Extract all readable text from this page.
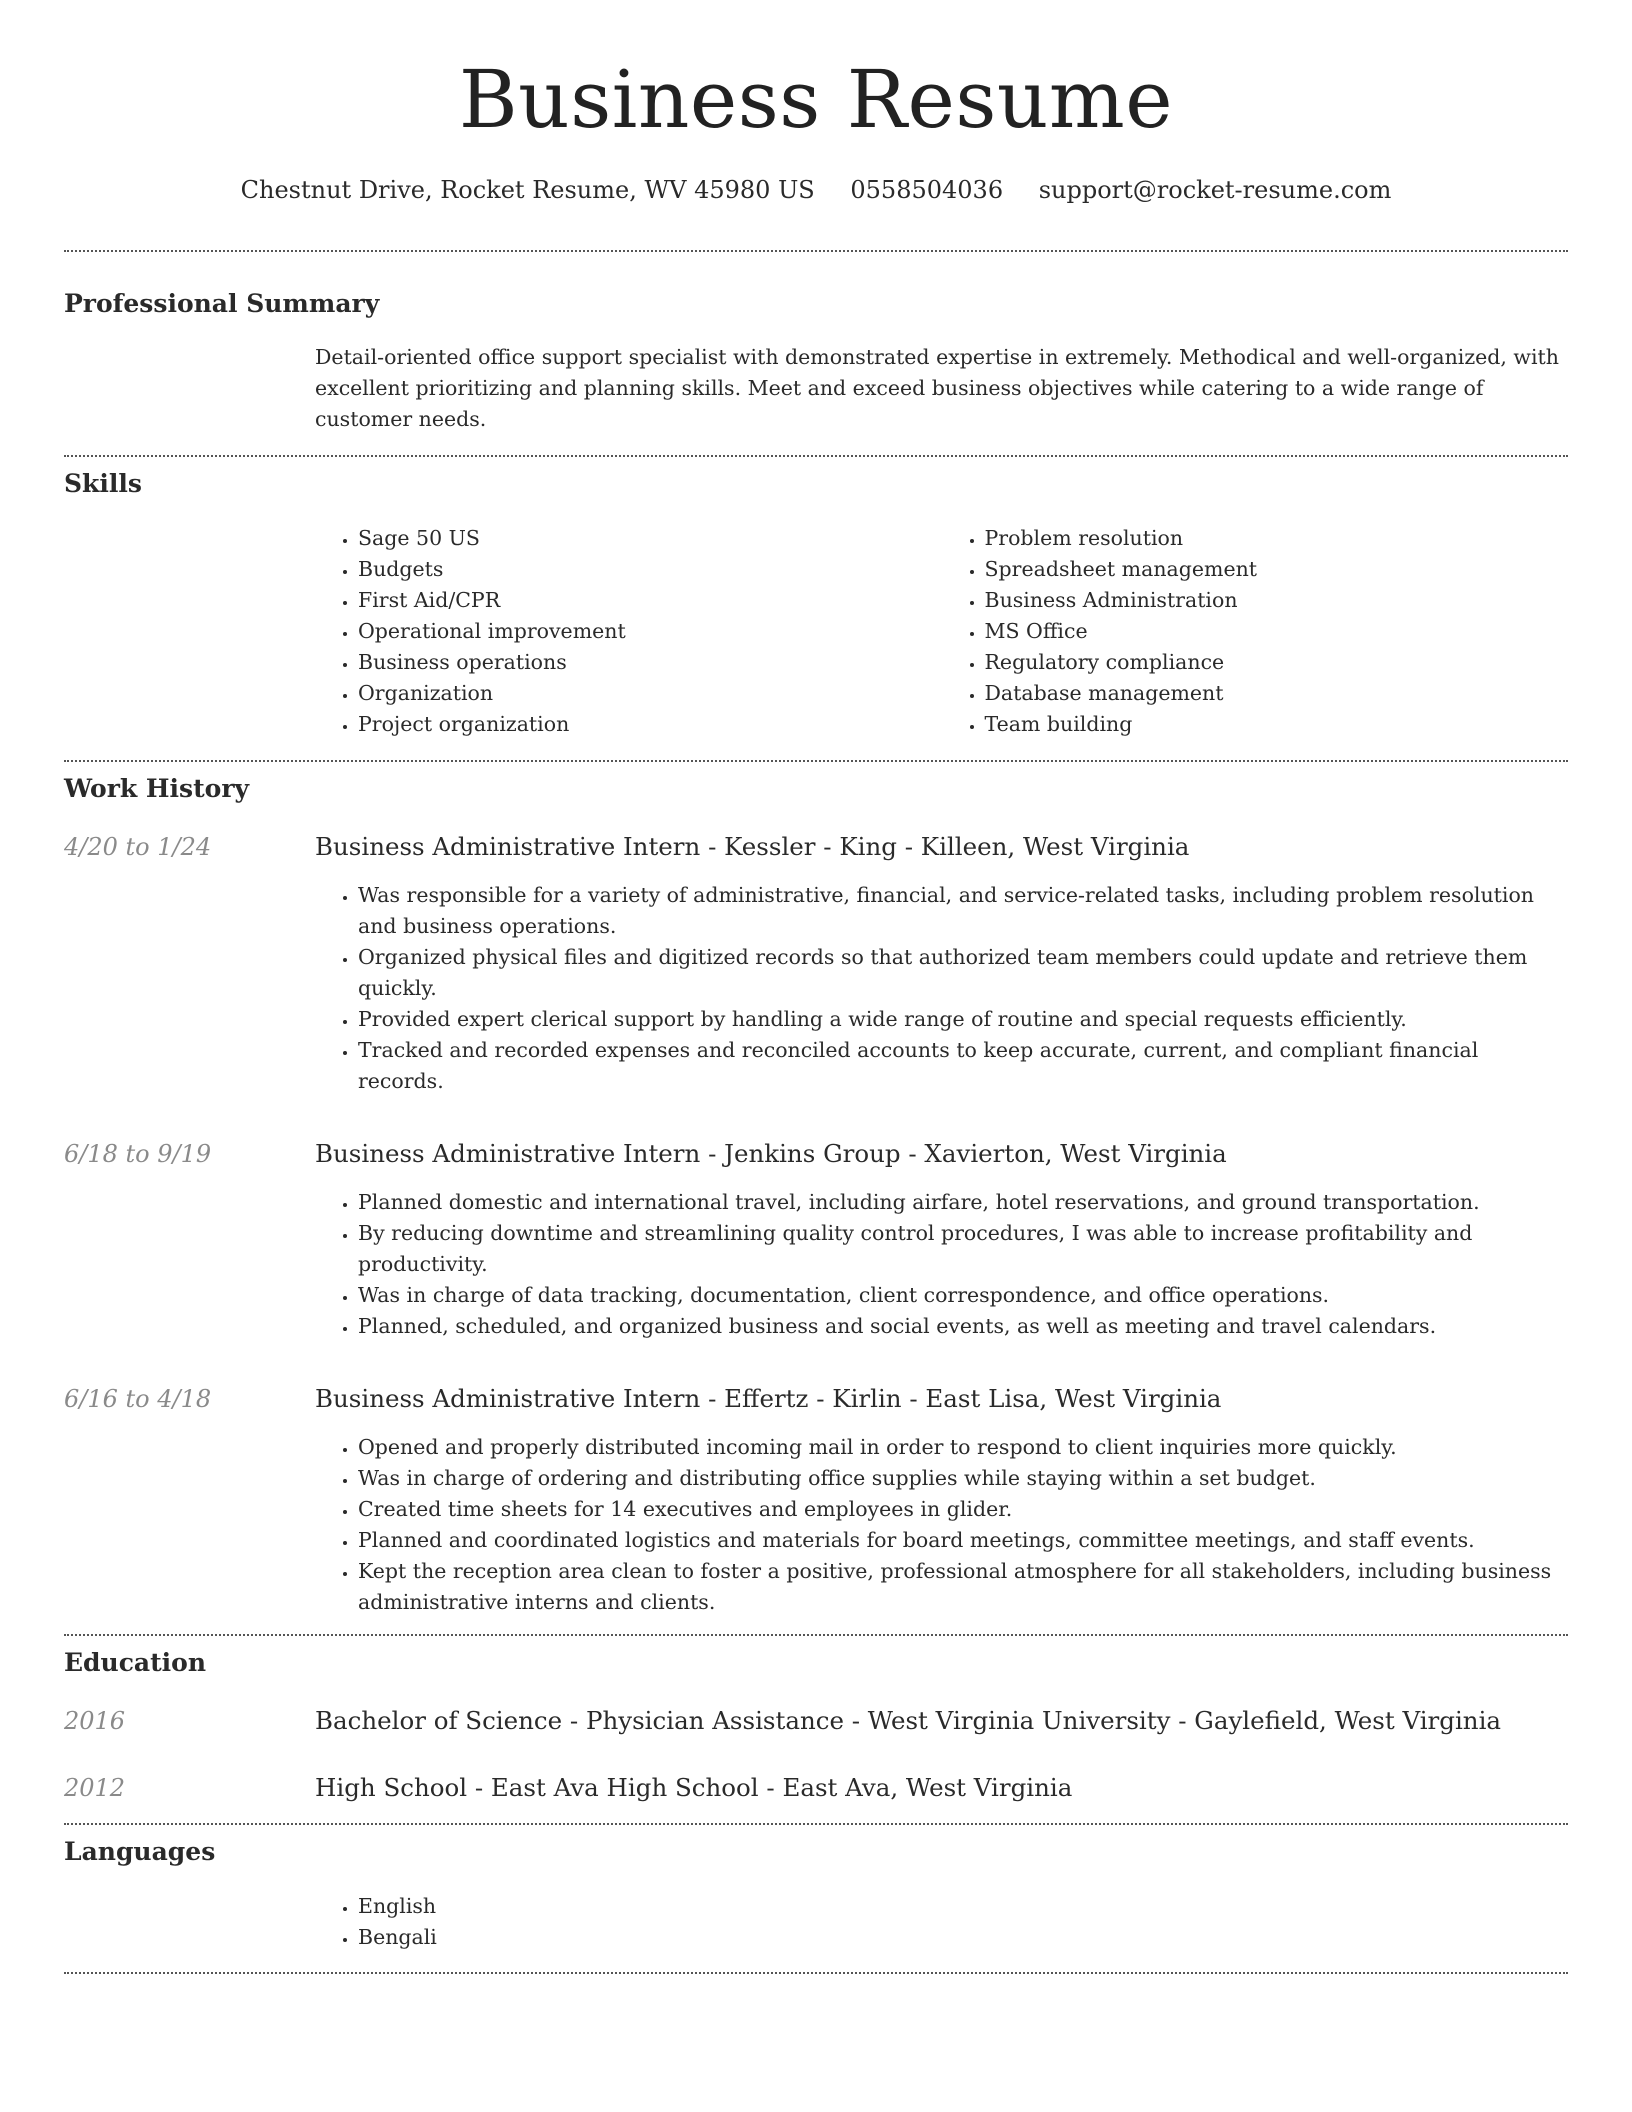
Business Resume
Chestnut Drive, Rocket Resume, WV 45980 US 0558504036 support@rocket-resume.com
Professional Summary
Detail-oriented office support specialist with demonstrated expertise in extremely. Methodical and well-organized, with excellent prioritizing and planning skills. Meet and exceed business objectives while catering to a wide range of customer needs.
Skills
• Sage 50 US
• Budgets
• First Aid/CPR
• Operational improvement
• Business operations
• Organization
• Project organization
• Problem resolution
• Spreadsheet management
• Business Administration
• MS Office
• Regulatory compliance
• Database management
• Team building
Work History
4/20 to 1/24	Business Administrative Intern - Kessler - King - Killeen, West Virginia
• Was responsible for a variety of administrative, financial, and service-related tasks, including problem resolution and business operations.
• Organized physical files and digitized records so that authorized team members could update and retrieve them quickly.
• Provided expert clerical support by handling a wide range of routine and special requests efficiently.
• Tracked and recorded expenses and reconciled accounts to keep accurate, current, and compliant financial records.
6/18 to 9/19	Business Administrative Intern - Jenkins Group - Xavierton, West Virginia
• Planned domestic and international travel, including airfare, hotel reservations, and ground transportation.
• By reducing downtime and streamlining quality control procedures, I was able to increase profitability and productivity.
• Was in charge of data tracking, documentation, client correspondence, and office operations.
• Planned, scheduled, and organized business and social events, as well as meeting and travel calendars.
6/16 to 4/18	Business Administrative Intern - Effertz - Kirlin - East Lisa, West Virginia
• Opened and properly distributed incoming mail in order to respond to client inquiries more quickly.
• Was in charge of ordering and distributing office supplies while staying within a set budget.
• Created time sheets for 14 executives and employees in glider.
• Planned and coordinated logistics and materials for board meetings, committee meetings, and staff events.
• Kept the reception area clean to foster a positive, professional atmosphere for all stakeholders, including business administrative interns and clients.
Education
2016	Bachelor of Science - Physician Assistance - West Virginia University - Gaylefield, West Virginia
2012	High School - East Ava High School - East Ava, West Virginia
Languages
• English
• Bengali
